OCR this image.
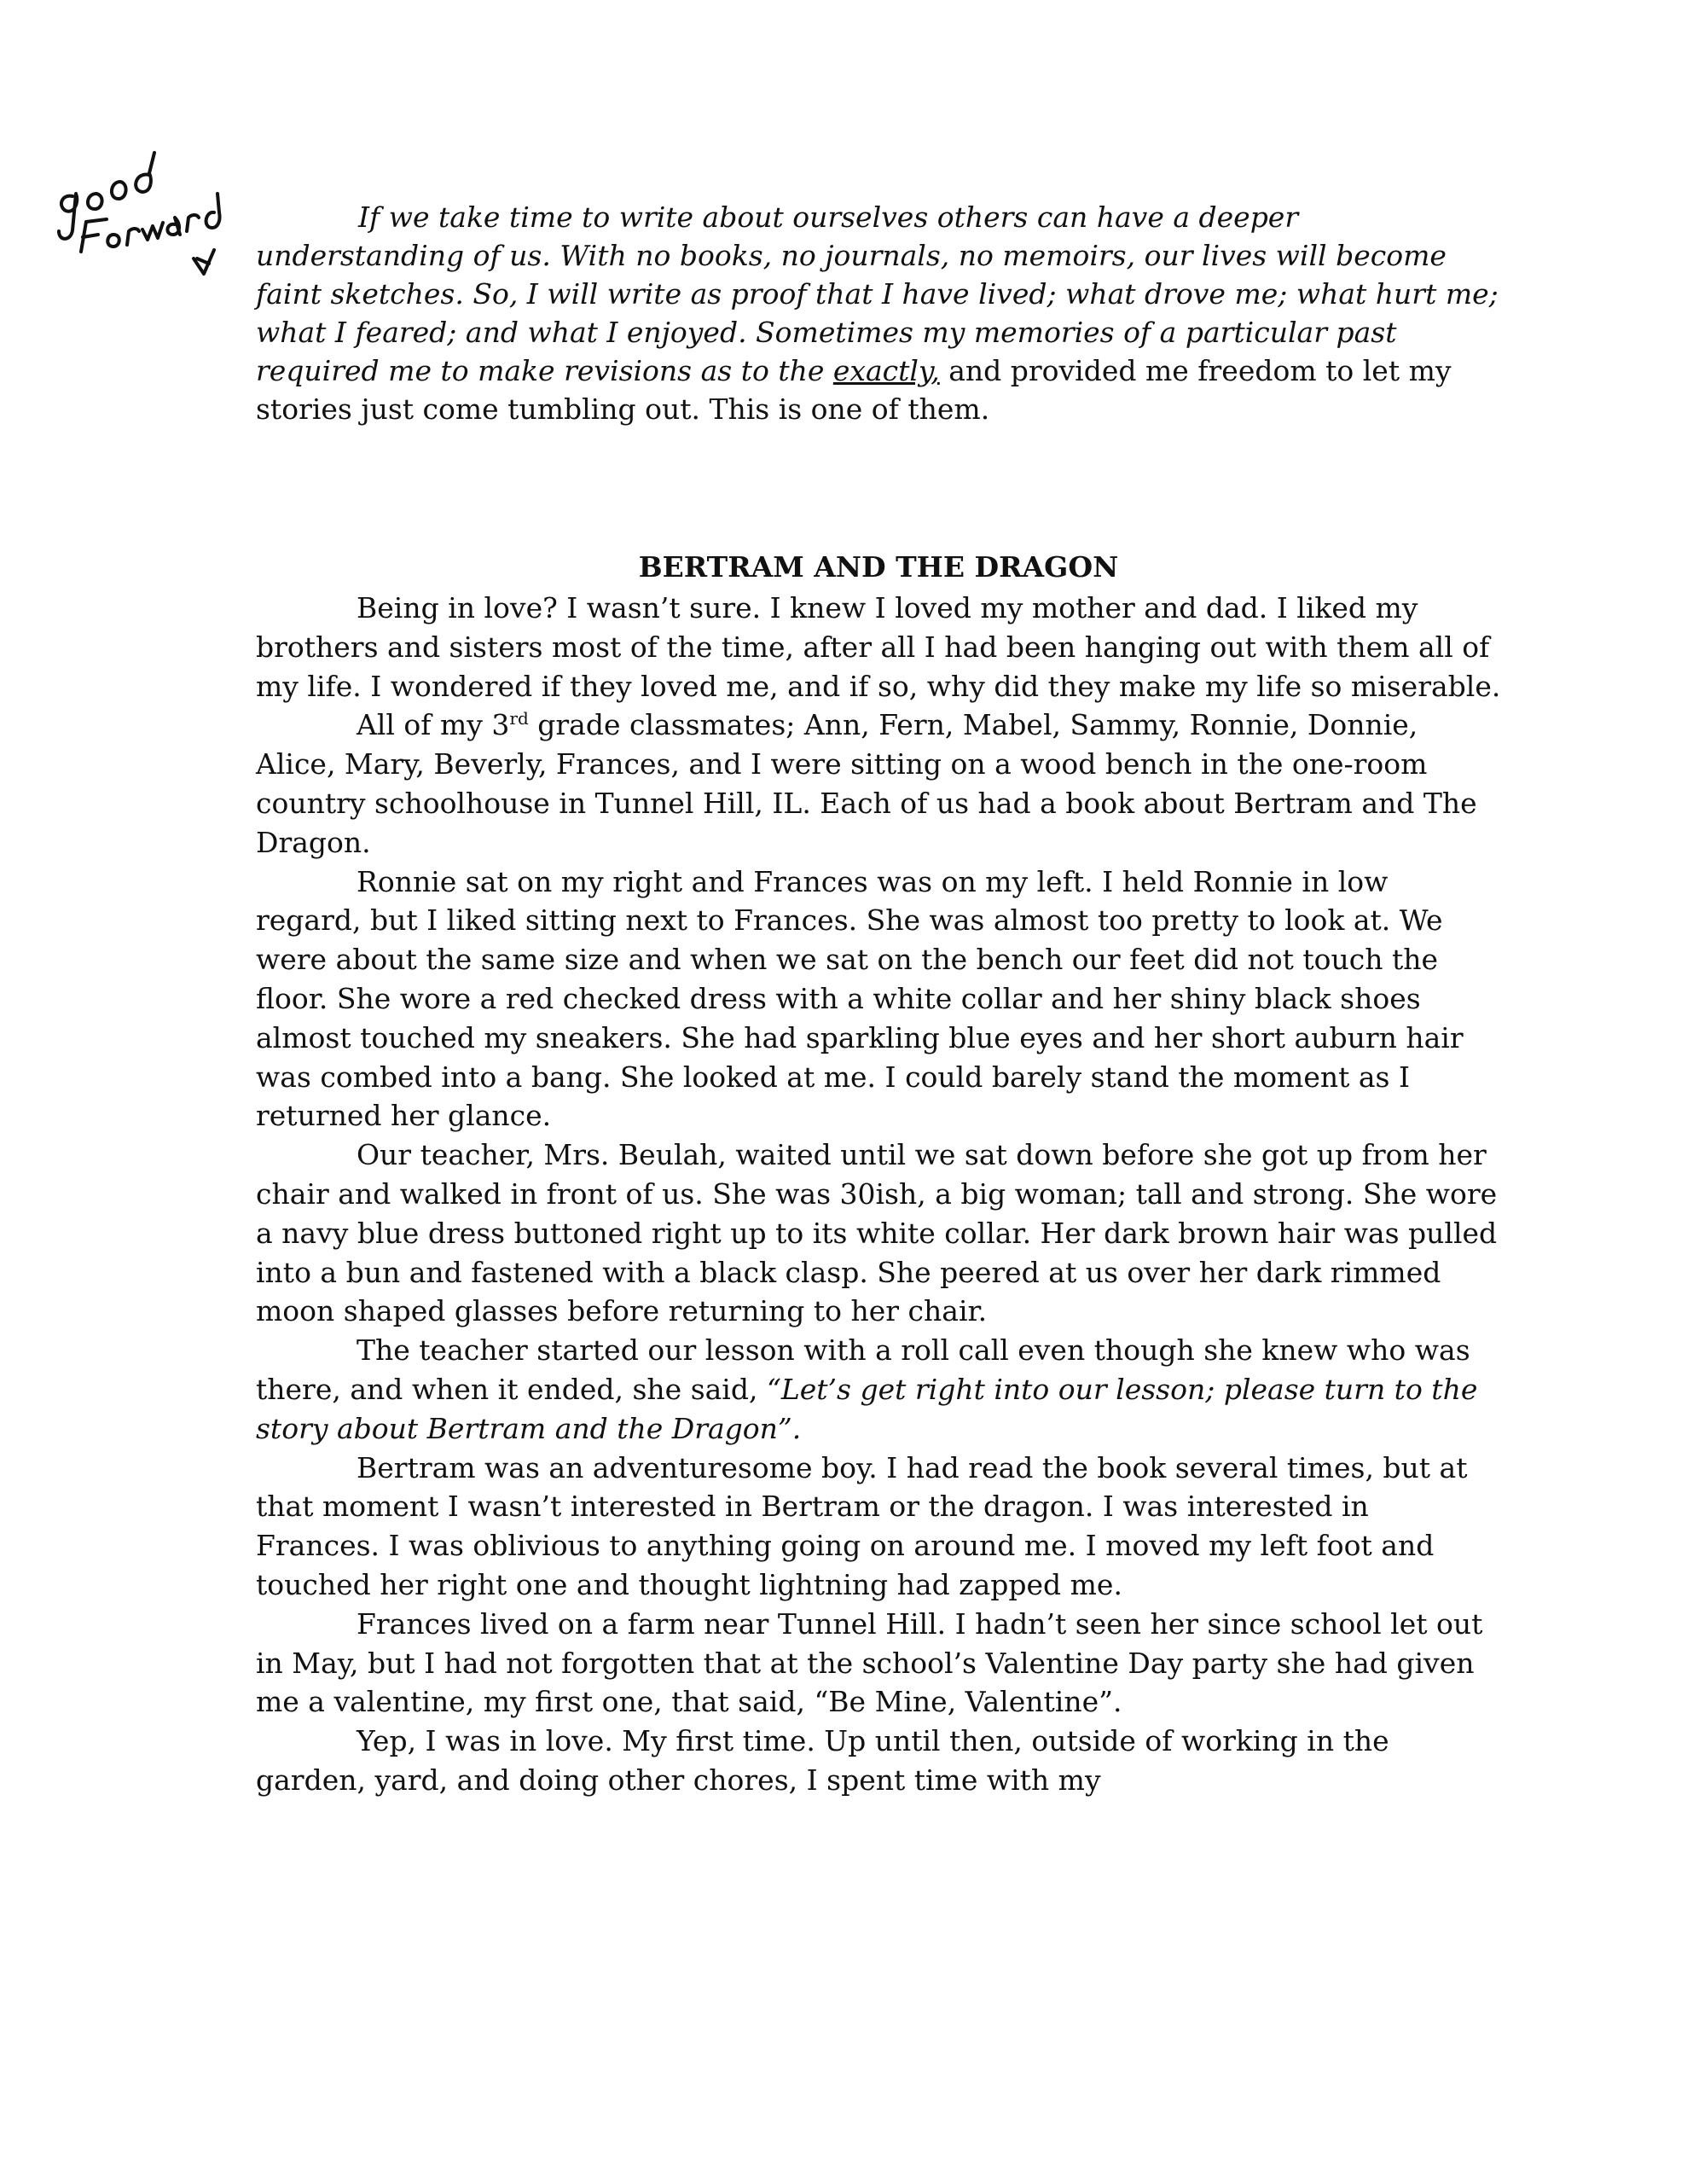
If we take time to write about ourselves others can have a deeper understanding of us. With no books, no journals, no memoirs, our lives will become faint sketches. So, I will write as proof that I have lived; what drove me; what hurt me; what I feared; and what I enjoyed. Sometimes my memories of a particular past required me to make revisions as to the exactly, and provided me freedom to let my stories just come tumbling out. This is one of them.

BERTRAM AND THE DRAGON

Being in love? I wasn’t sure. I knew I loved my mother and dad. I liked my brothers and sisters most of the time, after all I had been hanging out with them all of my life. I wondered if they loved me, and if so, why did they make my life so miserable.

All of my 3rd grade classmates; Ann, Fern, Mabel, Sammy, Ronnie, Donnie, Alice, Mary, Beverly, Frances, and I were sitting on a wood bench in the one-room country schoolhouse in Tunnel Hill, IL. Each of us had a book about Bertram and The Dragon.

Ronnie sat on my right and Frances was on my left. I held Ronnie in low regard, but I liked sitting next to Frances. She was almost too pretty to look at. We were about the same size and when we sat on the bench our feet did not touch the floor. She wore a red checked dress with a white collar and her shiny black shoes almost touched my sneakers. She had sparkling blue eyes and her short auburn hair was combed into a bang. She looked at me. I could barely stand the moment as I returned her glance.

Our teacher, Mrs. Beulah, waited until we sat down before she got up from her chair and walked in front of us. She was 30ish, a big woman; tall and strong. She wore a navy blue dress buttoned right up to its white collar. Her dark brown hair was pulled into a bun and fastened with a black clasp. She peered at us over her dark rimmed moon shaped glasses before returning to her chair.

The teacher started our lesson with a roll call even though she knew who was there, and when it ended, she said, “Let’s get right into our lesson; please turn to the story about Bertram and the Dragon”.

Bertram was an adventuresome boy. I had read the book several times, but at that moment I wasn’t interested in Bertram or the dragon. I was interested in Frances. I was oblivious to anything going on around me. I moved my left foot and touched her right one and thought lightning had zapped me.

Frances lived on a farm near Tunnel Hill. I hadn’t seen her since school let out in May, but I had not forgotten that at the school’s Valentine Day party she had given me a valentine, my first one, that said, “Be Mine, Valentine”.

Yep, I was in love. My first time. Up until then, outside of working in the garden, yard, and doing other chores, I spent time with my
